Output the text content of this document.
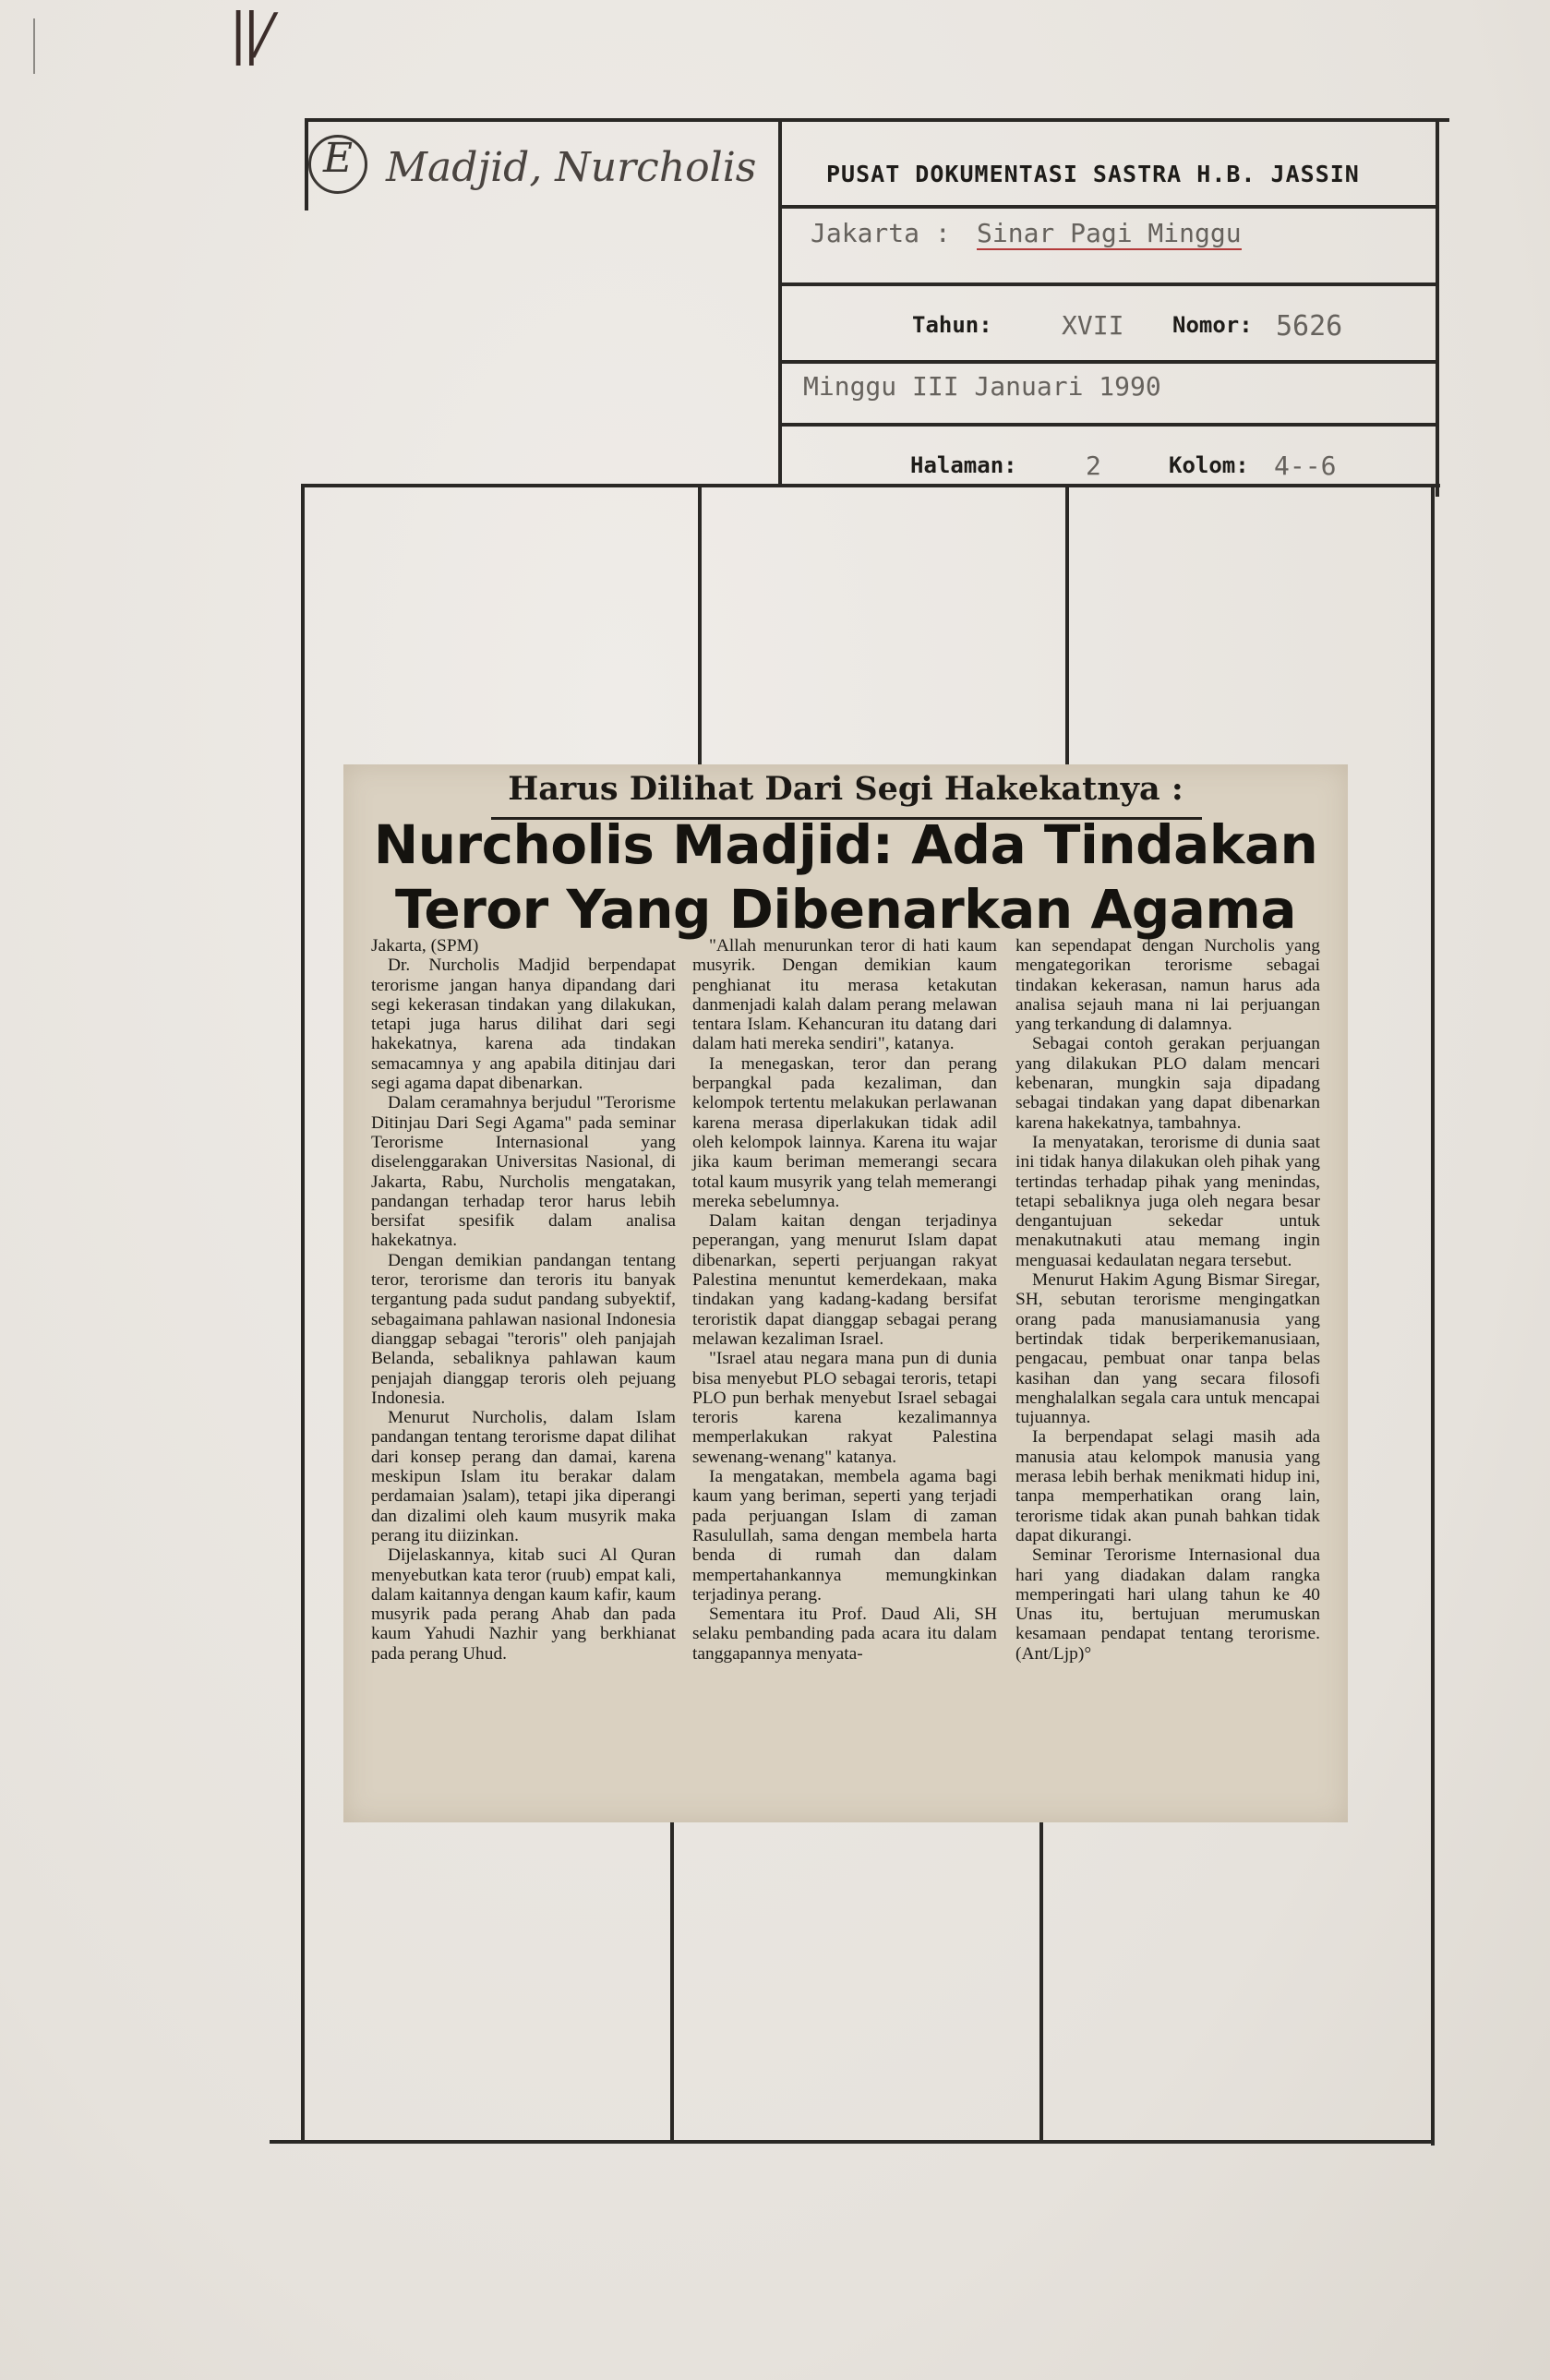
||/
E Madjid, Nurcholis	PUSAT DOKUMENTASI SASTRA H.B. JASSIN
Jakarta : Sinar Pagi Minggu
Tahun:	XVII Nomor: 5626
Minggu III Januari 1990
Halaman:	2	Kolom: 4--6
Harus Dilihat Dari Segi Hakekatnya :
Nurcholis Madjid: Ada Tindakan
Teror Yang Dibenarkan Agama

Jakarta, (SPM)

Dr. Nurcholis Madjid berpendapat terorisme jangan hanya dipandang dari segi kekerasan tindakan yang dilakukan, tetapi juga harus dilihat dari segi hakekatnya, karena ada tindakan semacamnya y ang apabila ditinjau dari segi agama dapat dibenarkan.

Dalam ceramahnya berjudul "Terorisme Ditinjau Dari Segi Agama" pada seminar Terorisme Internasional yang diselenggarakan Universitas Nasional, di Jakarta, Rabu, Nurcholis mengatakan, pandangan terhadap teror harus lebih bersifat spesifik dalam analisa hakekatnya.

Dengan demikian pandangan tentang teror, terorisme dan teroris itu banyak tergantung pada sudut pandang subyektif, sebagaimana pahlawan nasional Indonesia dianggap sebagai "teroris" oleh panjajah Belanda, sebaliknya pahlawan kaum penjajah dianggap teroris oleh pejuang Indonesia.

Menurut Nurcholis, dalam Islam pandangan tentang terorisme dapat dilihat dari konsep perang dan damai, karena meskipun Islam itu berakar dalam perdamaian )salam), tetapi jika diperangi dan dizalimi oleh kaum musyrik maka perang itu diizinkan.

Dijelaskannya, kitab suci Al Quran menyebutkan kata teror (ruub) empat kali, dalam kaitannya dengan kaum kafir, kaum musyrik pada perang Ahab dan pada kaum Yahudi Nazhir yang berkhianat pada perang Uhud.

"Allah menurunkan teror di hati kaum musyrik. Dengan demikian kaum penghianat itu merasa ketakutan danmenjadi kalah dalam perang melawan tentara Islam. Kehancuran itu datang dari dalam hati mereka sendiri", katanya.

Ia menegaskan, teror dan perang berpangkal pada kezaliman, dan kelompok tertentu melakukan perlawanan karena merasa diperlakukan tidak adil oleh kelompok lainnya. Karena itu wajar jika kaum beriman memerangi secara total kaum musyrik yang telah memerangi mereka sebelumnya.

Dalam kaitan dengan terjadinya peperangan, yang menurut Islam dapat dibenarkan, seperti perjuangan rakyat Palestina menuntut kemerdekaan, maka tindakan yang kadang-kadang bersifat teroristik dapat dianggap sebagai perang melawan kezaliman Israel.

"Israel atau negara mana pun di dunia bisa menyebut PLO sebagai teroris, tetapi PLO pun berhak menyebut Israel sebagai teroris karena kezalimannya memperlakukan rakyat Palestina sewenang-wenang" katanya.

Ia mengatakan, membela agama bagi kaum yang beriman, seperti yang terjadi pada perjuangan Islam di zaman Rasulullah, sama dengan membela harta benda di rumah dan dalam mempertahankannya memungkinkan terjadinya perang.

Sementara itu Prof. Daud Ali, SH selaku pembanding pada acara itu dalam tanggapannya menyata-

kan sependapat dengan Nurcholis yang mengategorikan terorisme sebagai tindakan kekerasan, namun harus ada analisa sejauh mana ni lai perjuangan yang terkandung di dalamnya.

Sebagai contoh gerakan perjuangan yang dilakukan PLO dalam mencari kebenaran, mungkin saja dipadang sebagai tindakan yang dapat dibenarkan karena hakekatnya, tambahnya.

Ia menyatakan, terorisme di dunia saat ini tidak hanya dilakukan oleh pihak yang tertindas terhadap pihak yang menindas, tetapi sebaliknya juga oleh negara besar dengantujuan sekedar untuk menakutnakuti atau memang ingin menguasai kedaulatan negara tersebut.

Menurut Hakim Agung Bismar Siregar, SH, sebutan terorisme mengingatkan orang pada manusiamanusia yang bertindak tidak berperikemanusiaan, pengacau, pembuat onar tanpa belas kasihan dan yang secara filosofi menghalalkan segala cara untuk mencapai tujuannya.

Ia berpendapat selagi masih ada manusia atau kelompok manusia yang merasa lebih berhak menikmati hidup ini, tanpa memperhatikan orang lain, terorisme tidak akan punah bahkan tidak dapat dikurangi.

Seminar Terorisme Internasional dua hari yang diadakan dalam rangka memperingati hari ulang tahun ke 40 Unas itu, bertujuan merumuskan kesamaan pendapat tentang terorisme. (Ant/Ljp)°
